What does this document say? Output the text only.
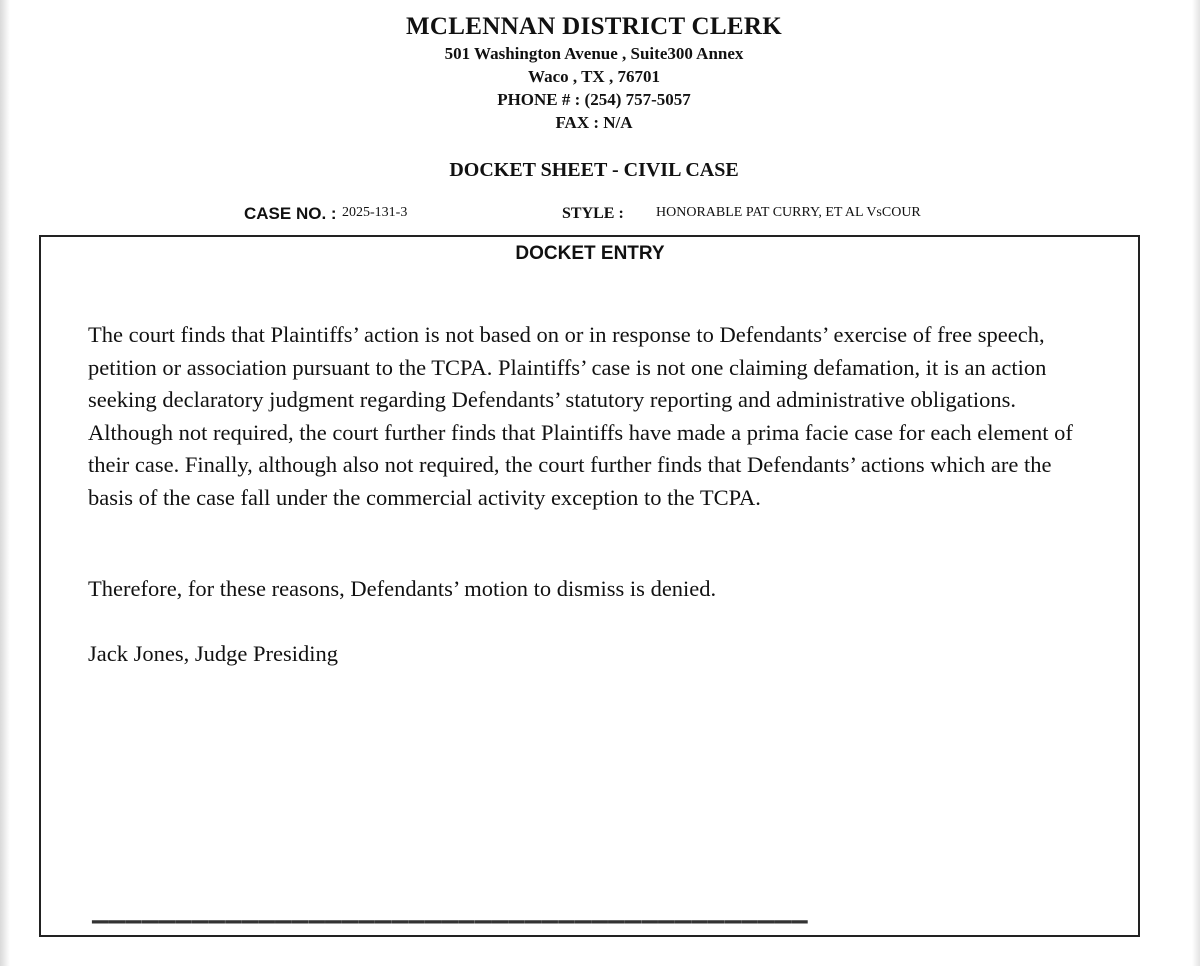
MCLENNAN DISTRICT CLERK
501 Washington Avenue , Suite300 Annex
Waco , TX , 76701
PHONE # : (254) 757-5057
FAX : N/A
DOCKET SHEET - CIVIL CASE
CASE NO. : 2025-131-3	STYLE : HONORABLE PAT CURRY, ET AL VsCOUR
DOCKET ENTRY

The court finds that Plaintiffs’ action is not based on or in response to Defendants’ exercise of free speech, petition or association pursuant to the TCPA. Plaintiffs’ case is not one claiming defamation, it is an action seeking declaratory judgment regarding Defendants’ statutory reporting and administrative obligations. Although not required, the court further finds that Plaintiffs have made a prima facie case for each element of their case. Finally, although also not required, the court further finds that Defendants’ actions which are the basis of the case fall under the commercial activity exception to the TCPA.

Therefore, for these reasons, Defendants’ motion to dismiss is denied.

Jack Jones, Judge Presiding

▔▔▔▔▔▔▔▔▔▔▔▔▔▔▔▔▔▔▔▔▔▔▔▔▔▔▔▔▔▔▔▔▔▔▔▔▔▔▔▔▔▔▔
